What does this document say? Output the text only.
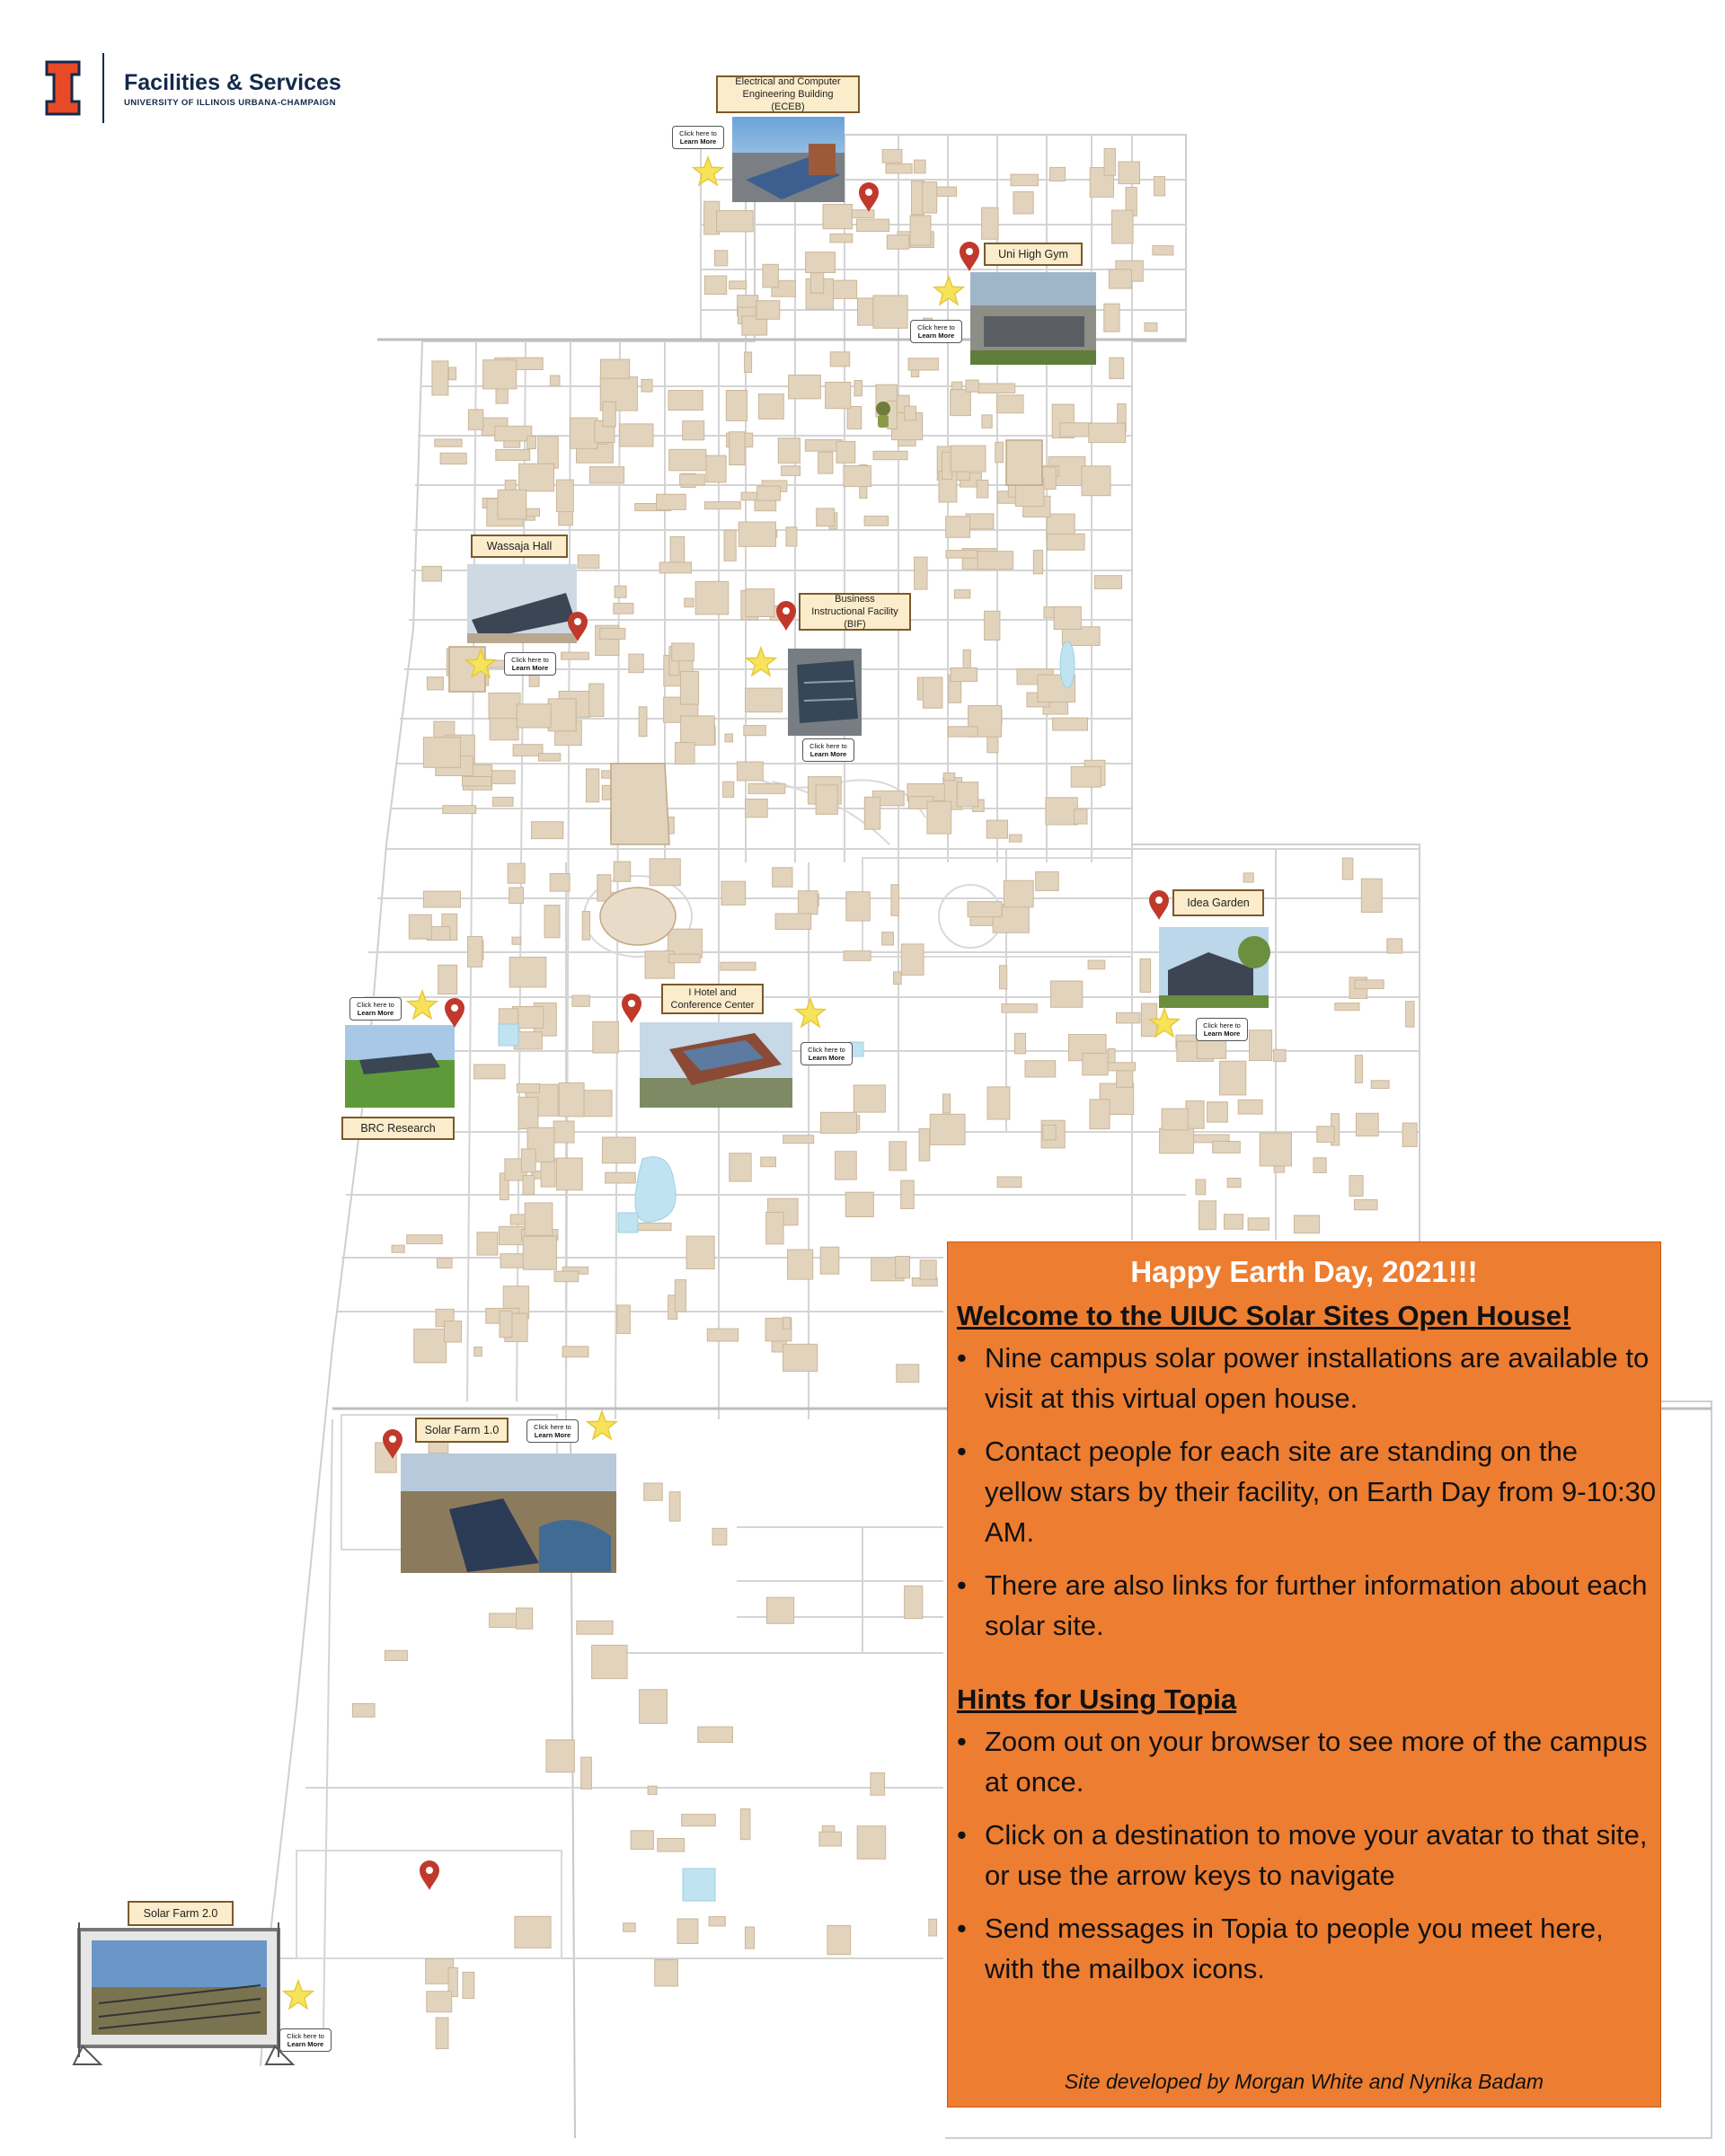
Facilities & Services
UNIVERSITY OF ILLINOIS URBANA-CHAMPAIGN
Electrical and Computer Engineering Building (ECEB)
Uni High Gym
Wassaja Hall
Business Instructional Facility (BIF)
Idea Garden
I Hotel and Conference Center
BRC Research
Solar Farm 1.0
Solar Farm 2.0
Click here to
Learn More
Click here to
Learn More
Click here to
Learn More
Click here to
Learn More
Click here to
Learn More
Click here to
Learn More
Click here to
Learn More
Click here to
Learn More
Click here to
Learn More
Happy Earth Day, 2021!!!
Welcome to the UIUC Solar Sites Open House!
• Nine campus solar power installations are available to visit at this virtual open house.
• Contact people for each site are standing on the yellow stars by their facility, on Earth Day from 9-10:30 AM.
• There are also links for further information about each solar site.
Hints for Using Topia
• Zoom out on your browser to see more of the campus at once.
• Click on a destination to move your avatar to that site, or use the arrow keys to navigate
• Send messages in Topia to people you meet here, with the mailbox icons.
Site developed by Morgan White and Nynika Badam
